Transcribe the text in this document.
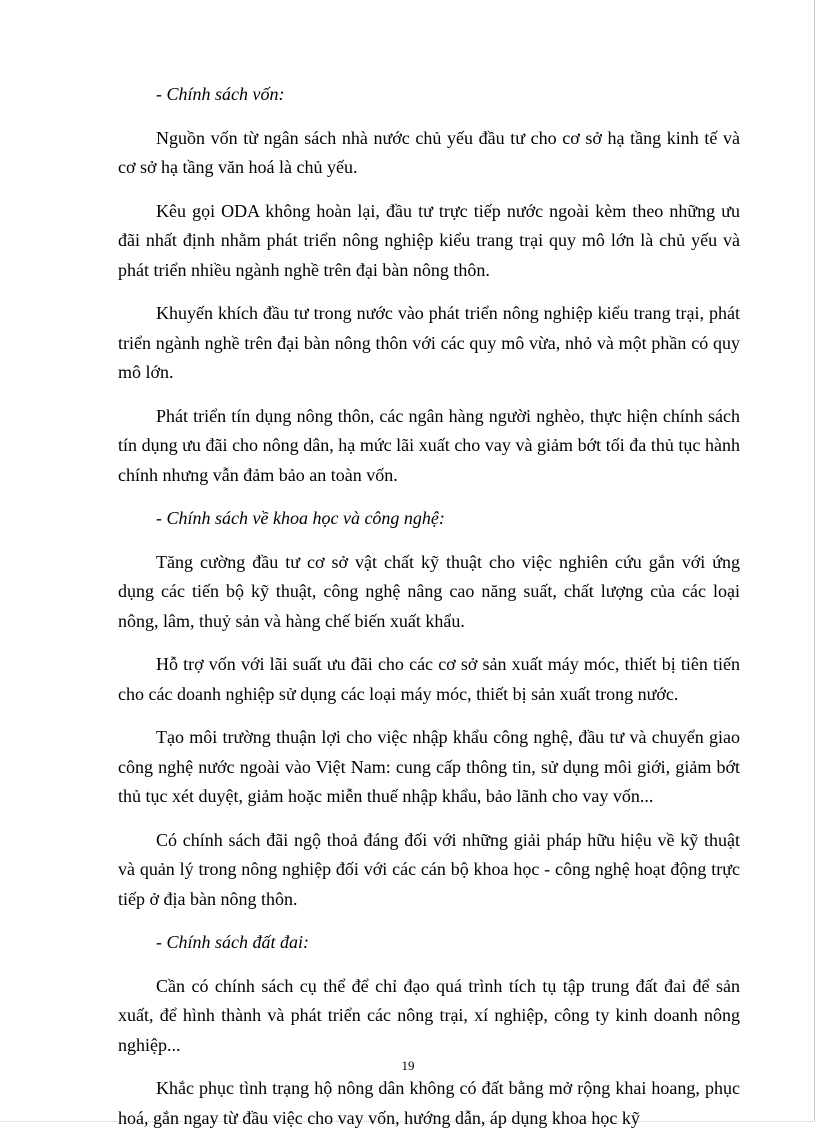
- Chính sách vốn:

Nguồn vốn từ ngân sách nhà nước chủ yếu đầu tư cho cơ sở hạ tầng kinh tế và cơ sở hạ tầng văn hoá là chủ yếu.

Kêu gọi ODA không hoàn lại, đầu tư trực tiếp nước ngoài kèm theo những ưu đãi nhất định nhằm phát triển nông nghiệp kiểu trang trại quy mô lớn là chủ yếu và phát triển nhiều ngành nghề trên đại bàn nông thôn.

Khuyến khích đầu tư trong nước vào phát triển nông nghiệp kiểu trang trại, phát triển ngành nghề trên đại bàn nông thôn với các quy mô vừa, nhỏ và một phần có quy mô lớn.

Phát triển tín dụng nông thôn, các ngân hàng người nghèo, thực hiện chính sách tín dụng ưu đãi cho nông dân, hạ mức lãi xuất cho vay và giảm bớt tối đa thủ tục hành chính nhưng vẫn đảm bảo an toàn vốn.

- Chính sách về khoa học và công nghệ:

Tăng cường đầu tư cơ sở vật chất kỹ thuật cho việc nghiên cứu gắn với ứng dụng các tiến bộ kỹ thuật, công nghệ nâng cao năng suất, chất lượng của các loại nông, lâm, thuỷ sản và hàng chế biến xuất khẩu.

Hỗ trợ vốn với lãi suất ưu đãi cho các cơ sở sản xuất máy móc, thiết bị tiên tiến cho các doanh nghiệp sử dụng các loại máy móc, thiết bị sản xuất trong nước.

Tạo môi trường thuận lợi cho việc nhập khẩu công nghệ, đầu tư và chuyển giao công nghệ nước ngoài vào Việt Nam: cung cấp thông tin, sử dụng môi giới, giảm bớt thủ tục xét duyệt, giảm hoặc miễn thuế nhập khẩu, bảo lãnh cho vay vốn...

Có chính sách đãi ngộ thoả đáng đối với những giải pháp hữu hiệu về kỹ thuật và quản lý trong nông nghiệp đối với các cán bộ khoa học - công nghệ hoạt động trực tiếp ở địa bàn nông thôn.

- Chính sách đất đai:

Cần có chính sách cụ thể để chỉ đạo quá trình tích tụ tập trung đất đai để sản xuất, để hình thành và phát triển các nông trại, xí nghiệp, công ty kinh doanh nông nghiệp...

Khắc phục tình trạng hộ nông dân không có đất bằng mở rộng khai hoang, phục hoá, gắn ngay từ đầu việc cho vay vốn, hướng dẫn, áp dụng khoa học kỹ

19
